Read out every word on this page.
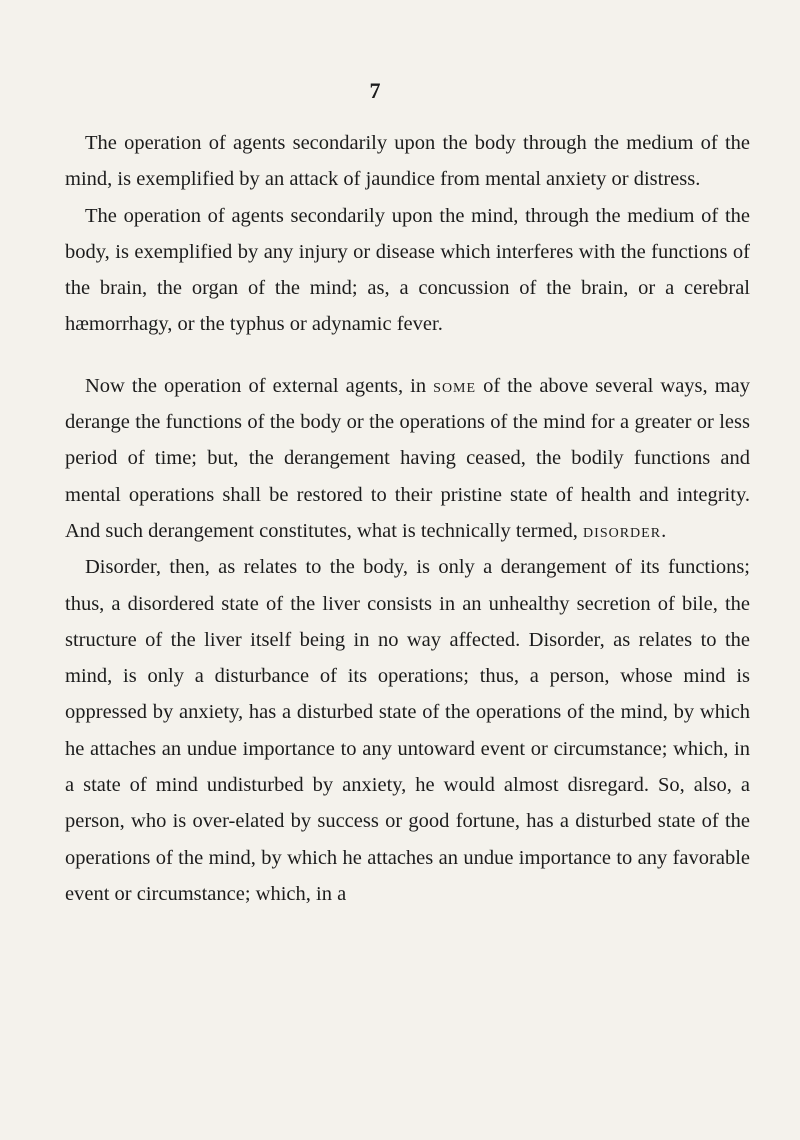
7

The operation of agents secondarily upon the body through the medium of the mind, is exemplified by an attack of jaundice from mental anxiety or distress.

The operation of agents secondarily upon the mind, through the medium of the body, is exemplified by any injury or disease which interferes with the functions of the brain, the organ of the mind; as, a concussion of the brain, or a cerebral hæmorrhagy, or the typhus or adynamic fever.

Now the operation of external agents, in some of the above several ways, may derange the functions of the body or the operations of the mind for a greater or less period of time; but, the derangement having ceased, the bodily functions and mental operations shall be restored to their pristine state of health and integrity. And such derangement constitutes, what is technically termed, disorder.

Disorder, then, as relates to the body, is only a derangement of its functions; thus, a disordered state of the liver consists in an unhealthy secretion of bile, the structure of the liver itself being in no way affected. Disorder, as relates to the mind, is only a disturbance of its operations; thus, a person, whose mind is oppressed by anxiety, has a disturbed state of the operations of the mind, by which he attaches an undue importance to any untoward event or circumstance; which, in a state of mind undisturbed by anxiety, he would almost disregard. So, also, a person, who is over-elated by success or good fortune, has a disturbed state of the operations of the mind, by which he attaches an undue importance to any favorable event or circumstance; which, in a
